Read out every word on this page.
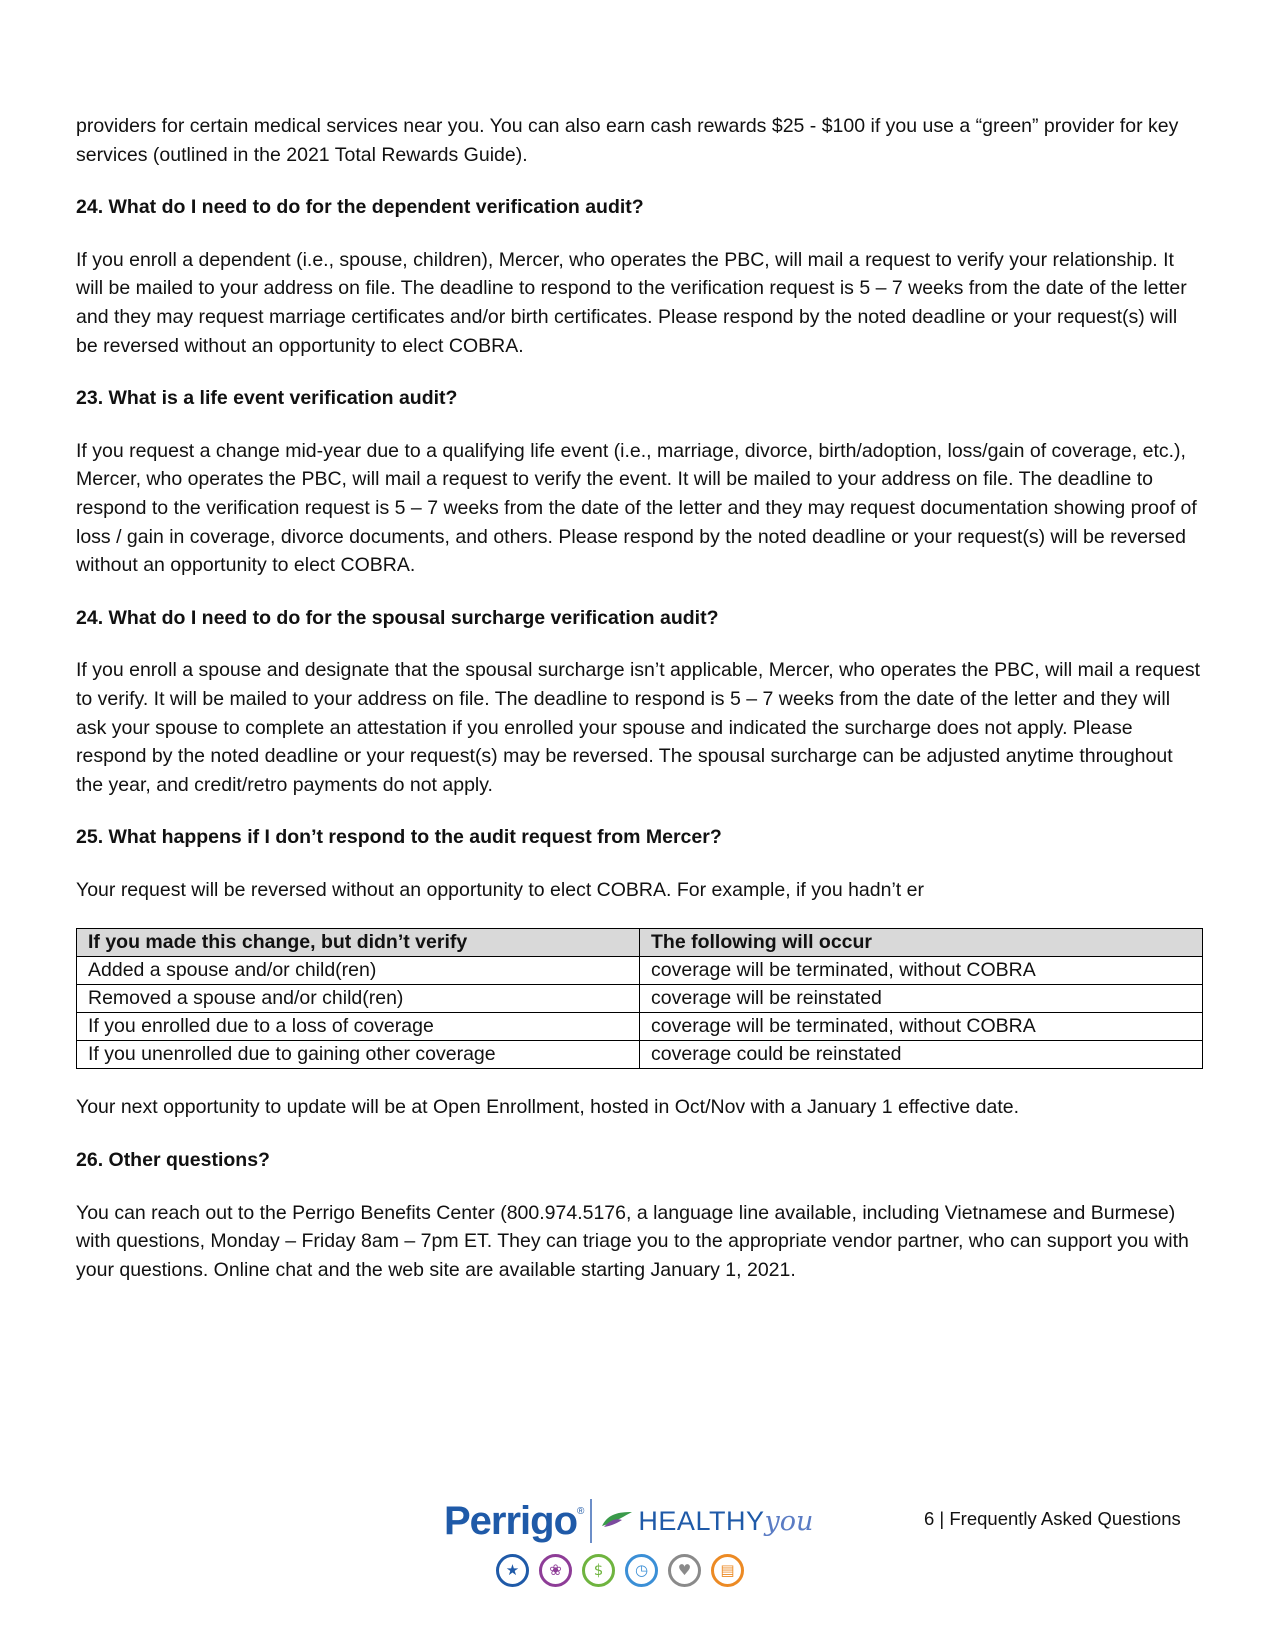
providers for certain medical services near you. You can also earn cash rewards $25 - $100 if you use a “green” provider for key services (outlined in the 2021 Total Rewards Guide).

24. What do I need to do for the dependent verification audit?

If you enroll a dependent (i.e., spouse, children), Mercer, who operates the PBC, will mail a request to verify your relationship. It will be mailed to your address on file. The deadline to respond to the verification request is 5 – 7 weeks from the date of the letter and they may request marriage certificates and/or birth certificates. Please respond by the noted deadline or your request(s) will be reversed without an opportunity to elect COBRA.

23. What is a life event verification audit?

If you request a change mid-year due to a qualifying life event (i.e., marriage, divorce, birth/adoption, loss/gain of coverage, etc.), Mercer, who operates the PBC, will mail a request to verify the event. It will be mailed to your address on file. The deadline to respond to the verification request is 5 – 7 weeks from the date of the letter and they may request documentation showing proof of loss / gain in coverage, divorce documents, and others. Please respond by the noted deadline or your request(s) will be reversed without an opportunity to elect COBRA.

24. What do I need to do for the spousal surcharge verification audit?

If you enroll a spouse and designate that the spousal surcharge isn’t applicable, Mercer, who operates the PBC, will mail a request to verify. It will be mailed to your address on file. The deadline to respond is 5 – 7 weeks from the date of the letter and they will ask your spouse to complete an attestation if you enrolled your spouse and indicated the surcharge does not apply. Please respond by the noted deadline or your request(s) may be reversed. The spousal surcharge can be adjusted anytime throughout the year, and credit/retro payments do not apply.

25. What happens if I don’t respond to the audit request from Mercer?

Your request will be reversed without an opportunity to elect COBRA. For example, if you hadn’t er

If you made this change, but didn’t verify	The following will occur
Added a spouse and/or child(ren)	coverage will be terminated, without COBRA
Removed a spouse and/or child(ren)	coverage will be reinstated
If you enrolled due to a loss of coverage	coverage will be terminated, without COBRA
If you unenrolled due to gaining other coverage	coverage could be reinstated

Your next opportunity to update will be at Open Enrollment, hosted in Oct/Nov with a January 1 effective date.

26. Other questions?

You can reach out to the Perrigo Benefits Center (800.974.5176, a language line available, including Vietnamese and Burmese) with questions, Monday – Friday 8am – 7pm ET. They can triage you to the appropriate vendor partner, who can support you with your questions. Online chat and the web site are available starting January 1, 2021.

Perrigo ® HEALTHY you
★	❀	$	◷	♥	▤
6 | Frequently Asked Questions
